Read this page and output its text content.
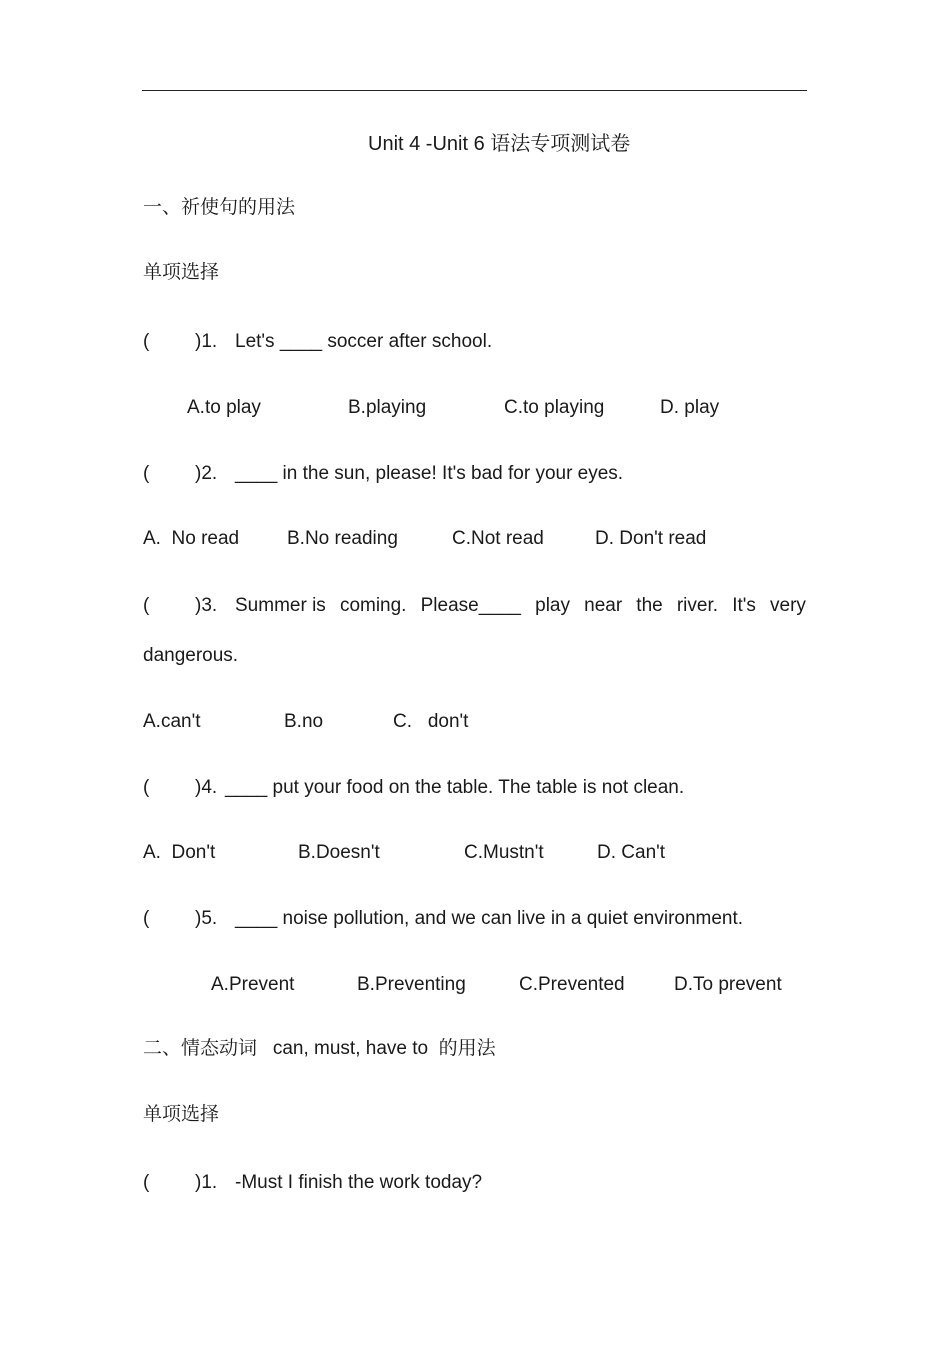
Unit 4 -Unit 6 语法专项测试卷
一、祈使句的用法
单项选择
(	)1. Let's ____ soccer after school.
A.to play	B.playing	C.to playing	D. play
(	)2. ____ in the sun, please! It's bad for your eyes.
A.  No read	B.No reading	C.Not read	D. Don't read
(	)3. Summer is coming. Please____ play near the river. It's very
dangerous.
A.can't	B.no	C.   don't
(	)4. ____ put your food on the table. The table is not clean.
A.  Don't	B.Doesn't	C.Mustn't	D. Can't
(	)5. ____ noise pollution, and we can live in a quiet environment.
A.Prevent	B.Preventing	C.Prevented	D.To prevent
二、情态动词   can, must, have to  的用法
单项选择
(	)1. -Must I finish the work today?
